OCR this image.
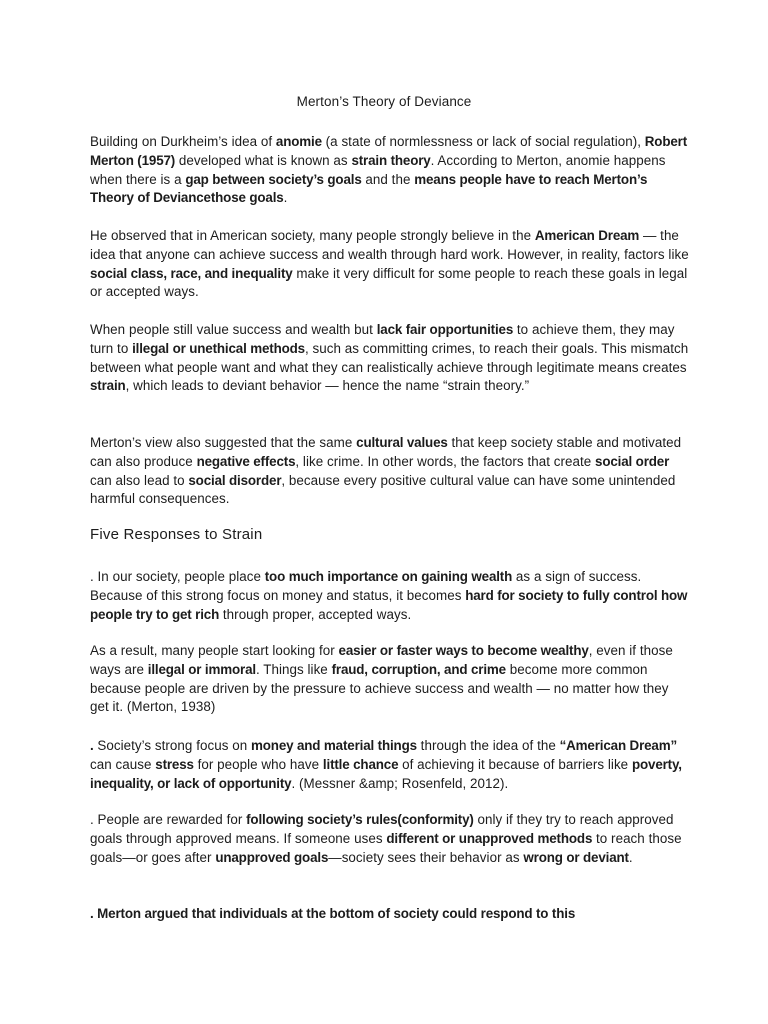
Merton’s Theory of Deviance

Building on Durkheim’s idea of anomie (a state of normlessness or lack of social regulation), Robert Merton (1957) developed what is known as strain theory. According to Merton, anomie happens when there is a gap between society’s goals and the means people have to reach Merton’s Theory of Deviancethose goals.

He observed that in American society, many people strongly believe in the American Dream — the idea that anyone can achieve success and wealth through hard work. However, in reality, factors like social class, race, and inequality make it very difficult for some people to reach these goals in legal or accepted ways.

When people still value success and wealth but lack fair opportunities to achieve them, they may turn to illegal or unethical methods, such as committing crimes, to reach their goals. This mismatch between what people want and what they can realistically achieve through legitimate means creates strain, which leads to deviant behavior — hence the name “strain theory.”

Merton’s view also suggested that the same cultural values that keep society stable and motivated can also produce negative effects, like crime. In other words, the factors that create social order can also lead to social disorder, because every positive cultural value can have some unintended harmful consequences.

Five Responses to Strain

. In our society, people place too much importance on gaining wealth as a sign of success. Because of this strong focus on money and status, it becomes hard for society to fully control how people try to get rich through proper, accepted ways.

As a result, many people start looking for easier or faster ways to become wealthy, even if those ways are illegal or immoral. Things like fraud, corruption, and crime become more common because people are driven by the pressure to achieve success and wealth — no matter how they get it. (Merton, 1938)

. Society’s strong focus on money and material things through the idea of the “American Dream” can cause stress for people who have little chance of achieving it because of barriers like poverty, inequality, or lack of opportunity. (Messner &amp; Rosenfeld, 2012).

. People are rewarded for following society’s rules(conformity) only if they try to reach approved goals through approved means. If someone uses different or unapproved methods to reach those goals—or goes after unapproved goals—society sees their behavior as wrong or deviant.

. Merton argued that individuals at the bottom of society could respond to this
